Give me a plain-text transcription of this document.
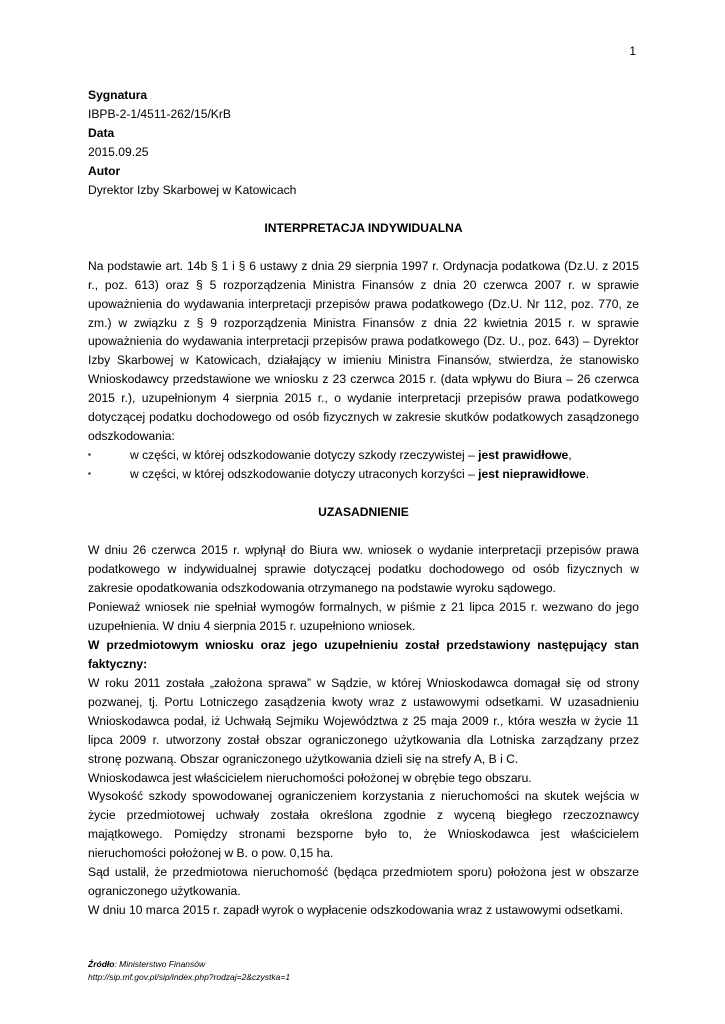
1
Sygnatura
IBPB-2-1/4511-262/15/KrB
Data
2015.09.25
Autor
Dyrektor Izby Skarbowej w Katowicach

INTERPRETACJA INDYWIDUALNA

Na podstawie art. 14b § 1 i § 6 ustawy z dnia 29 sierpnia 1997 r. Ordynacja podatkowa (Dz.U. z 2015 r., poz. 613) oraz § 5 rozporządzenia Ministra Finansów z dnia 20 czerwca 2007 r. w sprawie upoważnienia do wydawania interpretacji przepisów prawa podatkowego (Dz.U. Nr 112, poz. 770, ze zm.) w związku z § 9 rozporządzenia Ministra Finansów z dnia 22 kwietnia 2015 r. w sprawie upoważnienia do wydawania interpretacji przepisów prawa podatkowego (Dz. U., poz. 643) – Dyrektor Izby Skarbowej w Katowicach, działający w imieniu Ministra Finansów, stwierdza, że stanowisko Wnioskodawcy przedstawione we wniosku z 23 czerwca 2015 r. (data wpływu do Biura – 26 czerwca 2015 r.), uzupełnionym 4 sierpnia 2015 r., o wydanie interpretacji przepisów prawa podatkowego dotyczącej podatku dochodowego od osób fizycznych w zakresie skutków podatkowych zasądzonego odszkodowania:

▪	w części, w której odszkodowanie dotyczy szkody rzeczywistej – jest prawidłowe,
▪	w części, w której odszkodowanie dotyczy utraconych korzyści – jest nieprawidłowe.

UZASADNIENIE

W dniu 26 czerwca 2015 r. wpłynął do Biura ww. wniosek o wydanie interpretacji przepisów prawa podatkowego w indywidualnej sprawie dotyczącej podatku dochodowego od osób fizycznych w zakresie opodatkowania odszkodowania otrzymanego na podstawie wyroku sądowego.

Ponieważ wniosek nie spełniał wymogów formalnych, w piśmie z 21 lipca 2015 r. wezwano do jego uzupełnienia. W dniu 4 sierpnia 2015 r. uzupełniono wniosek.

W przedmiotowym wniosku oraz jego uzupełnieniu został przedstawiony następujący stan faktyczny:

W roku 2011 została „założona sprawa” w Sądzie, w której Wnioskodawca domagał się od strony pozwanej, tj. Portu Lotniczego zasądzenia kwoty wraz z ustawowymi odsetkami. W uzasadnieniu Wnioskodawca podał, iż Uchwałą Sejmiku Województwa z 25 maja 2009 r., która weszła w życie 11 lipca 2009 r. utworzony został obszar ograniczonego użytkowania dla Lotniska zarządzany przez stronę pozwaną. Obszar ograniczonego użytkowania dzieli się na strefy A, B i C.

Wnioskodawca jest właścicielem nieruchomości położonej w obrębie tego obszaru.

Wysokość szkody spowodowanej ograniczeniem korzystania z nieruchomości na skutek wejścia w życie przedmiotowej uchwały została określona zgodnie z wyceną biegłego rzeczoznawcy majątkowego. Pomiędzy stronami bezsporne było to, że Wnioskodawca jest właścicielem nieruchomości położonej w B. o pow. 0,15 ha.

Sąd ustalił, że przedmiotowa nieruchomość (będąca przedmiotem sporu) położona jest w obszarze ograniczonego użytkowania.

W dniu 10 marca 2015 r. zapadł wyrok o wypłacenie odszkodowania wraz z ustawowymi odsetkami.

Źródło: Ministerstwo Finansów
http://sip.mf.gov.pl/sip/index.php?rodzaj=2&czystka=1
